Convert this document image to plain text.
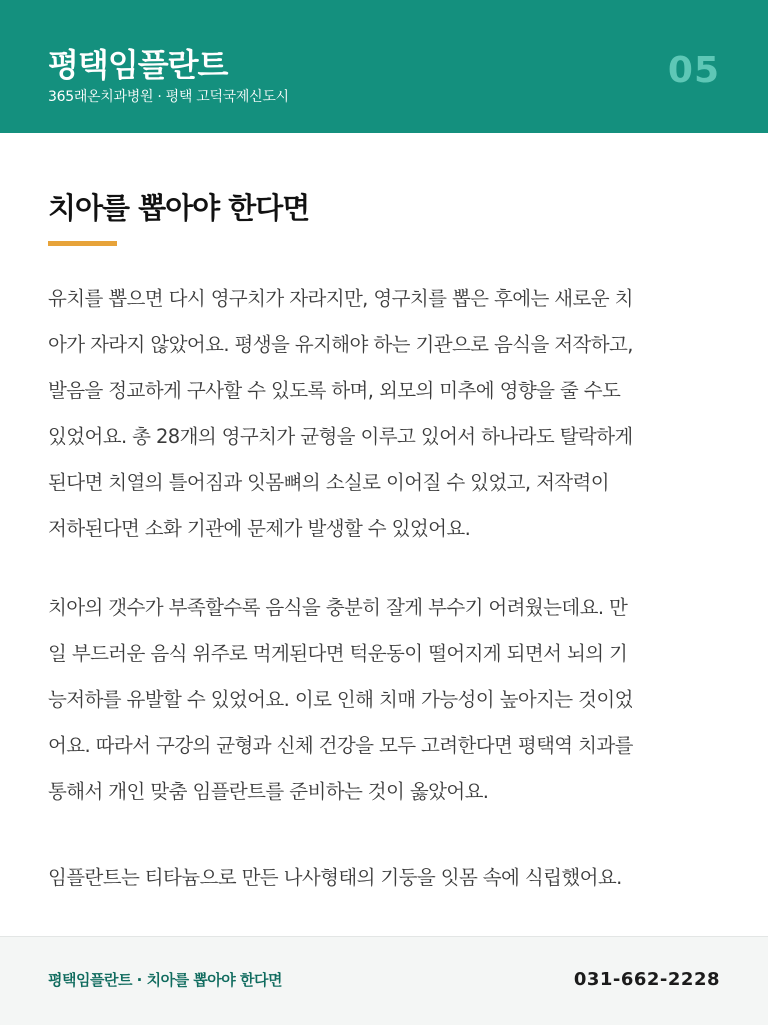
평택임플란트
365래온치과병원 · 평택 고덕국제신도시
05
치아를 뽑아야 한다면
유치를 뽑으면 다시 영구치가 자라지만, 영구치를 뽑은 후에는 새로운 치
아가 자라지 않았어요. 평생을 유지해야 하는 기관으로 음식을 저작하고,
발음을 정교하게 구사할 수 있도록 하며, 외모의 미추에 영향을 줄 수도
있었어요. 총 28개의 영구치가 균형을 이루고 있어서 하나라도 탈락하게
된다면 치열의 틀어짐과 잇몸뼈의 소실로 이어질 수 있었고, 저작력이
저하된다면 소화 기관에 문제가 발생할 수 있었어요.
치아의 갯수가 부족할수록 음식을 충분히 잘게 부수기 어려웠는데요. 만
일 부드러운 음식 위주로 먹게된다면 턱운동이 떨어지게 되면서 뇌의 기
능저하를 유발할 수 있었어요. 이로 인해 치매 가능성이 높아지는 것이었
어요. 따라서 구강의 균형과 신체 건강을 모두 고려한다면 평택역 치과를
통해서 개인 맞춤 임플란트를 준비하는 것이 옳았어요.
임플란트는 티타늄으로 만든 나사형태의 기둥을 잇몸 속에 식립했어요.
평택임플란트 · 치아를 뽑아야 한다면	031-662-2228
